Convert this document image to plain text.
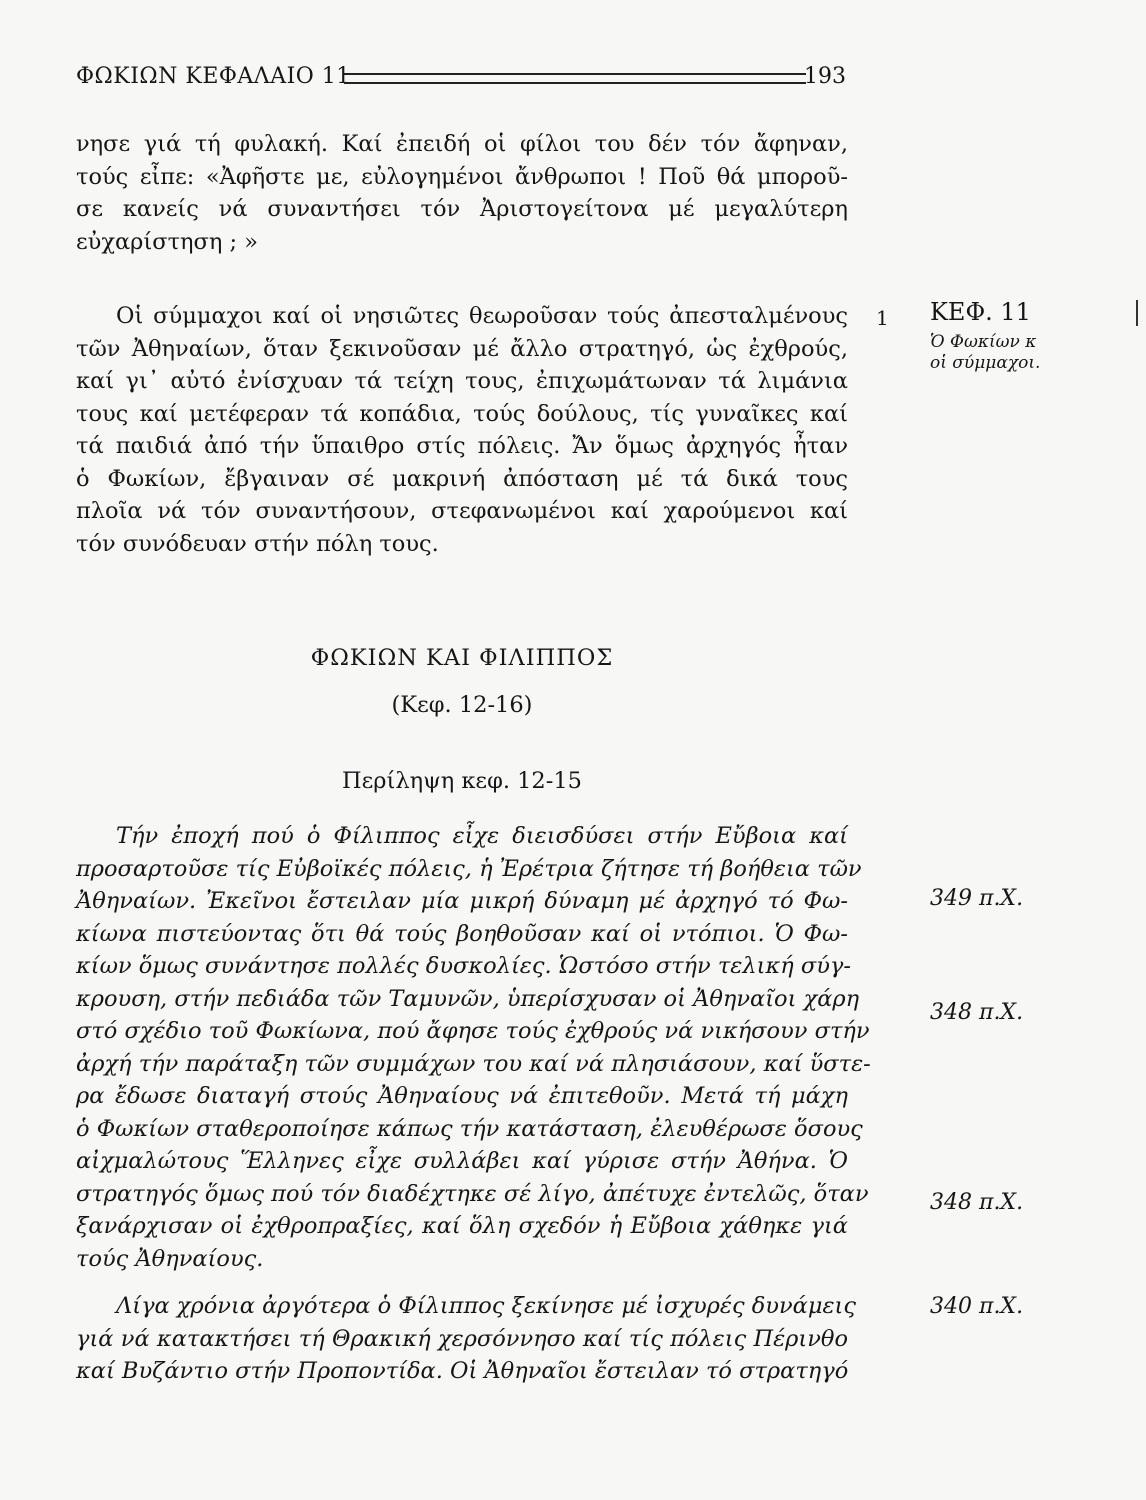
ΦΩΚΙΩΝ ΚΕΦΑΛΑΙΟ 11	193
νησε γιά τή φυλακή. Καί ἐπειδή οἱ φίλοι του δέν τόν ἄφηναν,
τούς εἶπε: «Ἀφῆστε με, εὐλογημένοι ἄνθρωποι ! Ποῦ θά μποροῦ-
σε κανείς νά συναντήσει τόν Ἀριστογείτονα μέ μεγαλύτερη
εὐχαρίστηση ; »
Οἱ σύμμαχοι καί οἱ νησιῶτες θεωροῦσαν τούς ἀπεσταλμένους
τῶν Ἀθηναίων, ὅταν ξεκινοῦσαν μέ ἄλλο στρατηγό, ὡς ἐχθρούς,
καί γι᾽ αὐτό ἐνίσχυαν τά τείχη τους, ἐπιχωμάτωναν τά λιμάνια
τους καί μετέφεραν τά κοπάδια, τούς δούλους, τίς γυναῖκες καί
τά παιδιά ἀπό τήν ὕπαιθρο στίς πόλεις. Ἄν ὅμως ἀρχηγός ἦταν
ὁ Φωκίων, ἔβγαιναν σέ μακρινή ἀπόσταση μέ τά δικά τους
πλοῖα νά τόν συναντήσουν, στεφανωμένοι καί χαρούμενοι καί
τόν συνόδευαν στήν πόλη τους.
1 ΚΕΦ. 11
Ὁ Φωκίων κ
οἱ σύμμαχοι.
ΦΩΚΙΩΝ ΚΑΙ ΦΙΛΙΠΠΟΣ
(Κεφ. 12-16)
Περίληψη κεφ. 12-15
Τήν ἐποχή πού ὁ Φίλιππος εἶχε διεισδύσει στήν Εὔβοια καί
προσαρτοῦσε τίς Εὐβοϊκές πόλεις, ἡ Ἐρέτρια ζήτησε τή βοήθεια τῶν
Ἀθηναίων. Ἐκεῖνοι ἔστειλαν μία μικρή δύναμη μέ ἀρχηγό τό Φω-
κίωνα πιστεύοντας ὅτι θά τούς βοηθοῦσαν καί οἱ ντόπιοι. Ὁ Φω-
κίων ὅμως συνάντησε πολλές δυσκολίες. Ὡστόσο στήν τελική σύγ-
κρουση, στήν πεδιάδα τῶν Ταμυνῶν, ὑπερίσχυσαν οἱ Ἀθηναῖοι χάρη
στό σχέδιο τοῦ Φωκίωνα, πού ἄφησε τούς ἐχθρούς νά νικήσουν στήν
ἀρχή τήν παράταξη τῶν συμμάχων του καί νά πλησιάσουν, καί ὕστε-
ρα ἔδωσε διαταγή στούς Ἀθηναίους νά ἐπιτεθοῦν. Μετά τή μάχη
ὁ Φωκίων σταθεροποίησε κάπως τήν κατάσταση, ἐλευθέρωσε ὅσους
αἰχμαλώτους Ἕλληνες εἶχε συλλάβει καί γύρισε στήν Ἀθήνα. Ὁ
στρατηγός ὅμως πού τόν διαδέχτηκε σέ λίγο, ἀπέτυχε ἐντελῶς, ὅταν
ξανάρχισαν οἱ ἐχθροπραξίες, καί ὅλη σχεδόν ἡ Εὔβοια χάθηκε γιά
τούς Ἀθηναίους.
Λίγα χρόνια ἀργότερα ὁ Φίλιππος ξεκίνησε μέ ἰσχυρές δυνάμεις
γιά νά κατακτήσει τή Θρακική χερσόννησο καί τίς πόλεις Πέρινθο
καί Βυζάντιο στήν Προποντίδα. Οἱ Ἀθηναῖοι ἔστειλαν τό στρατηγό
349 π.Χ.
348 π.Χ.
348 π.Χ.
340 π.Χ.
